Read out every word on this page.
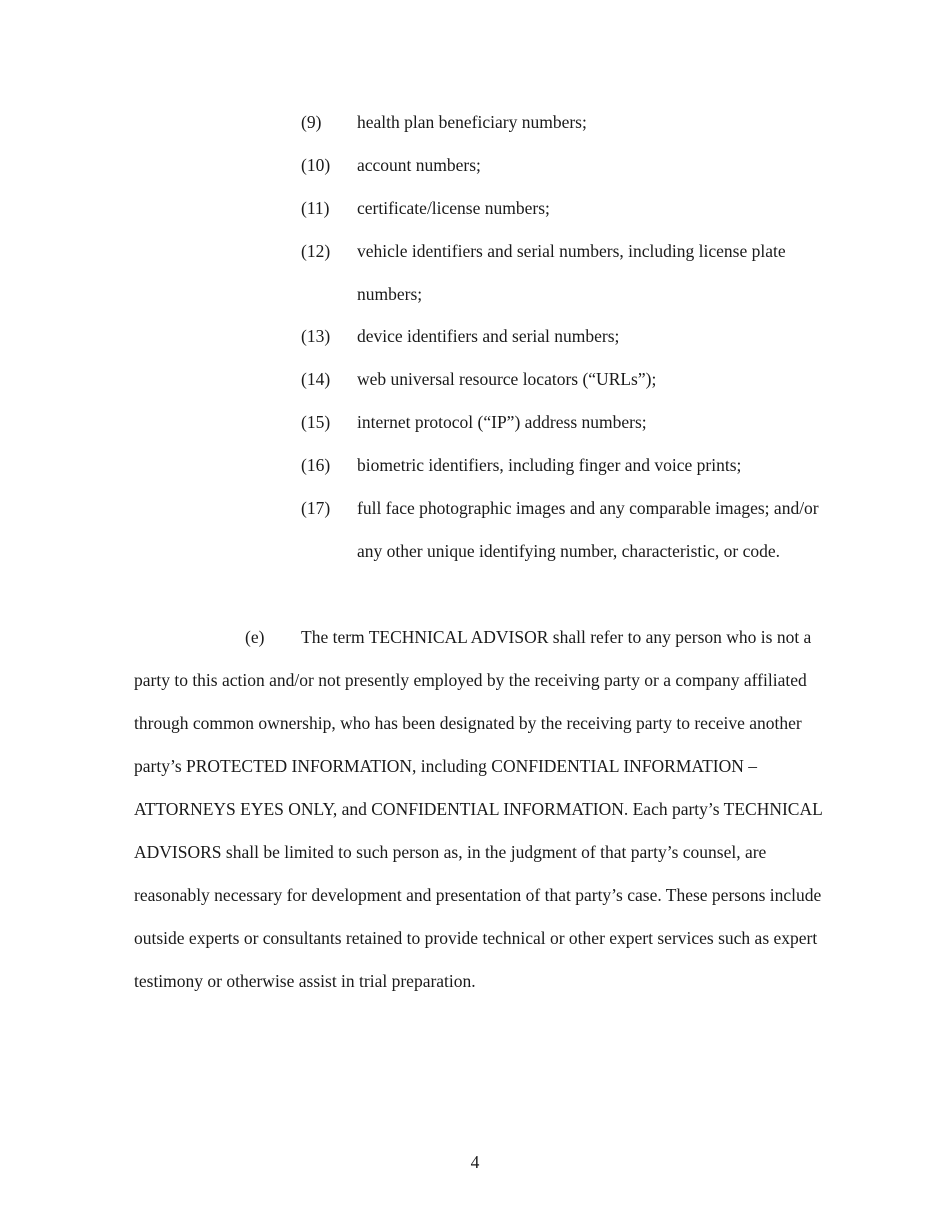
(9) health plan beneficiary numbers;
(10) account numbers;
(11) certificate/license numbers;
(12) vehicle identifiers and serial numbers, including license plate numbers;
(13) device identifiers and serial numbers;
(14) web universal resource locators (“URLs”);
(15) internet protocol (“IP”) address numbers;
(16) biometric identifiers, including finger and voice prints;
(17) full face photographic images and any comparable images; and/or any other unique identifying number, characteristic, or code.
(e)	The term TECHNICAL ADVISOR shall refer to any person who is not a party to this action and/or not presently employed by the receiving party or a company affiliated through common ownership, who has been designated by the receiving party to receive another party’s PROTECTED INFORMATION, including CONFIDENTIAL INFORMATION – ATTORNEYS EYES ONLY, and CONFIDENTIAL INFORMATION. Each party’s TECHNICAL ADVISORS shall be limited to such person as, in the judgment of that party’s counsel, are reasonably necessary for development and presentation of that party’s case. These persons include outside experts or consultants retained to provide technical or other expert services such as expert testimony or otherwise assist in trial preparation.
4
